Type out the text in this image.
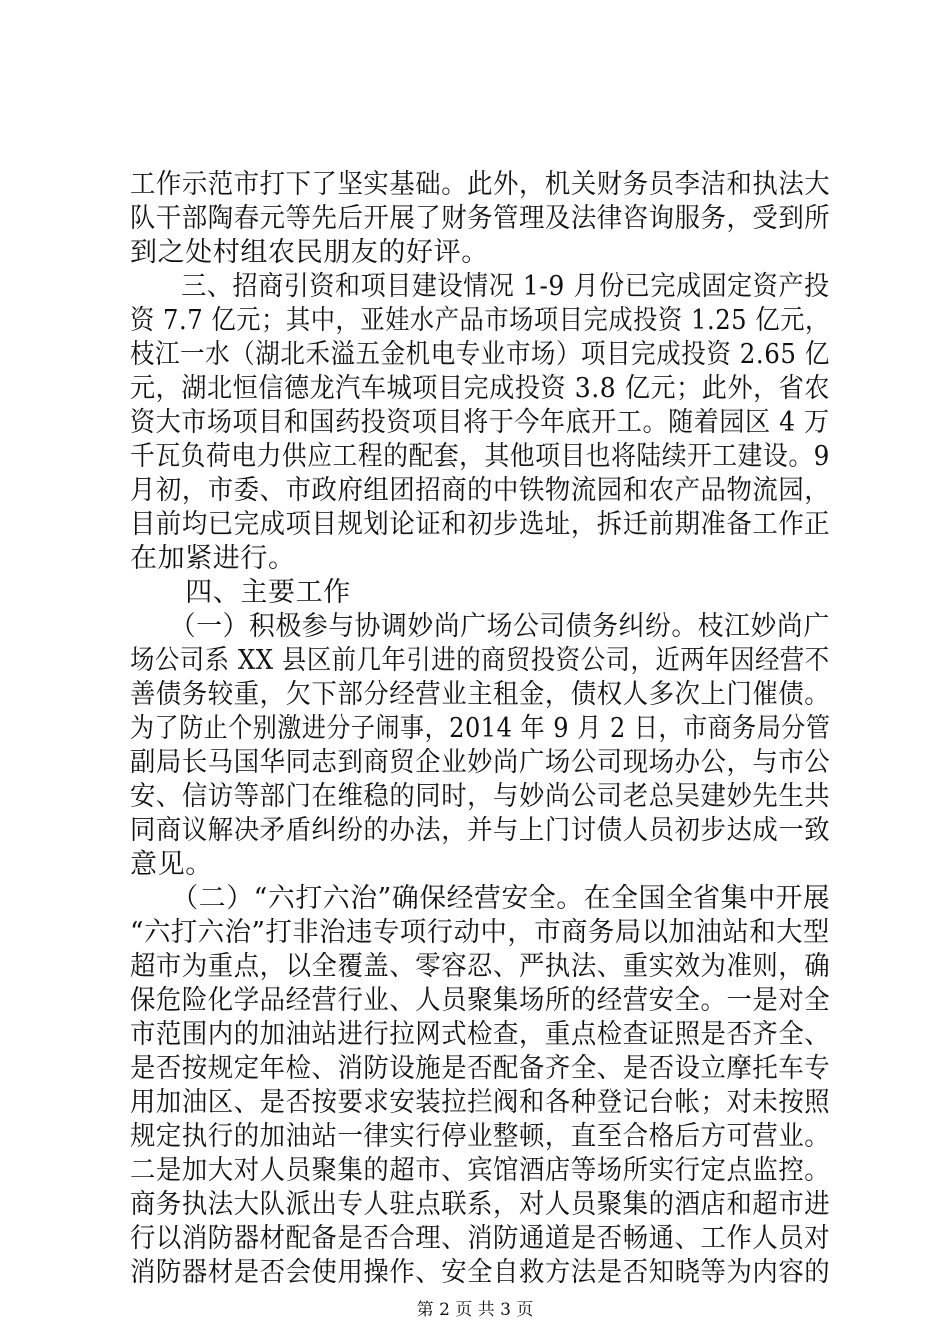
工作示范市打下了坚实基础。此外，机关财务员李洁和执法大
队干部陶春元等先后开展了财务管理及法律咨询服务，受到所
到之处村组农民朋友的好评。
　　三、招商引资和项目建设情况 1-9 月份已完成固定资产投
资 7.7 亿元；其中，亚娃水产品市场项目完成投资 1.25 亿元，
枝江一水（湖北禾溢五金机电专业市场）项目完成投资 2.65 亿
元，湖北恒信德龙汽车城项目完成投资 3.8 亿元；此外，省农
资大市场项目和国药投资项目将于今年底开工。随着园区 4 万
千瓦负荷电力供应工程的配套，其他项目也将陆续开工建设。9
月初，市委、市政府组团招商的中铁物流园和农产品物流园，
目前均已完成项目规划论证和初步选址，拆迁前期准备工作正
在加紧进行。
　　四、主要工作
　　（一）积极参与协调妙尚广场公司债务纠纷。枝江妙尚广
场公司系 XX 县区前几年引进的商贸投资公司，近两年因经营不
善债务较重，欠下部分经营业主租金，债权人多次上门催债。
为了防止个别激进分子闹事，2014 年 9 月 2 日，市商务局分管
副局长马国华同志到商贸企业妙尚广场公司现场办公，与市公
安、信访等部门在维稳的同时，与妙尚公司老总吴建妙先生共
同商议解决矛盾纠纷的办法，并与上门讨债人员初步达成一致
意见。
　　（二）“六打六治”确保经营安全。在全国全省集中开展
“六打六治”打非治违专项行动中，市商务局以加油站和大型
超市为重点，以全覆盖、零容忍、严执法、重实效为准则，确
保危险化学品经营行业、人员聚集场所的经营安全。一是对全
市范围内的加油站进行拉网式检查，重点检查证照是否齐全、
是否按规定年检、消防设施是否配备齐全、是否设立摩托车专
用加油区、是否按要求安装拉拦阀和各种登记台帐；对未按照
规定执行的加油站一律实行停业整顿，直至合格后方可营业。
二是加大对人员聚集的超市、宾馆酒店等场所实行定点监控。
商务执法大队派出专人驻点联系，对人员聚集的酒店和超市进
行以消防器材配备是否合理、消防通道是否畅通、工作人员对
消防器材是否会使用操作、安全自救方法是否知晓等为内容的
第 2 页 共 3 页
